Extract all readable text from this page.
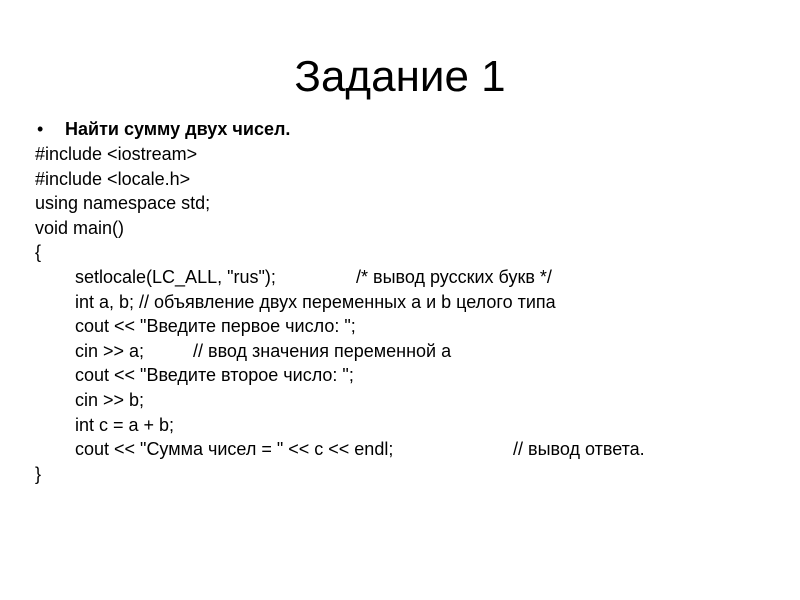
Задание 1
• Найти сумму двух чисел.
#include <iostream>
#include <locale.h>
using namespace std;
void main()
{
setlocale(LC_ALL, "rus");	/* вывод русских букв */
int a, b; // объявление двух переменных a и b целого типа
cout << "Введите первое число: ";
cin >> a;	// ввод значения переменной a
cout << "Введите второе число: ";
cin >> b;
int c = a + b;
cout << "Сумма чисел = " << c << endl;	// вывод ответа.
}
